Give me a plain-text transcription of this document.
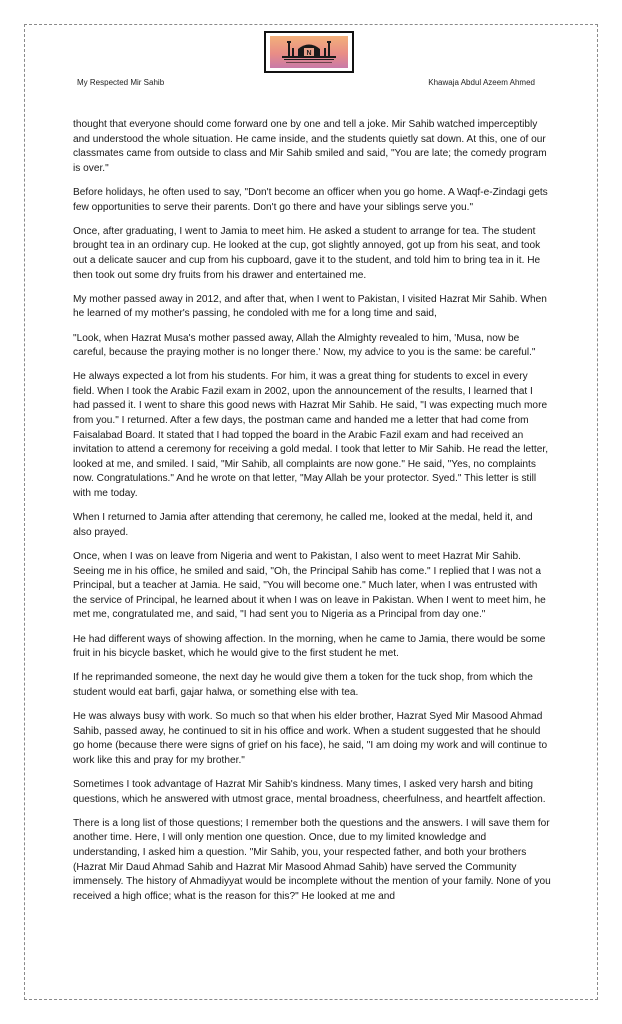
N
My Respected Mir Sahib	Khawaja Abdul Azeem Ahmed

thought that everyone should come forward one by one and tell a joke. Mir Sahib watched imperceptibly and understood the whole situation. He came inside, and the students quietly sat down. At this, one of our classmates came from outside to class and Mir Sahib smiled and said, "You are late; the comedy program is over."

Before holidays, he often used to say, "Don't become an officer when you go home. A Waqf-e-Zindagi gets few opportunities to serve their parents. Don't go there and have your siblings serve you."

Once, after graduating, I went to Jamia to meet him. He asked a student to arrange for tea. The student brought tea in an ordinary cup. He looked at the cup, got slightly annoyed, got up from his seat, and took out a delicate saucer and cup from his cupboard, gave it to the student, and told him to bring tea in it. He then took out some dry fruits from his drawer and entertained me.

My mother passed away in 2012, and after that, when I went to Pakistan, I visited Hazrat Mir Sahib. When he learned of my mother's passing, he condoled with me for a long time and said,

"Look, when Hazrat Musa's mother passed away, Allah the Almighty revealed to him, 'Musa, now be careful, because the praying mother is no longer there.' Now, my advice to you is the same: be careful."

He always expected a lot from his students. For him, it was a great thing for students to excel in every field. When I took the Arabic Fazil exam in 2002, upon the announcement of the results, I learned that I had passed it. I went to share this good news with Hazrat Mir Sahib. He said, "I was expecting much more from you." I returned. After a few days, the postman came and handed me a letter that had come from Faisalabad Board. It stated that I had topped the board in the Arabic Fazil exam and had received an invitation to attend a ceremony for receiving a gold medal. I took that letter to Mir Sahib. He read the letter, looked at me, and smiled. I said, "Mir Sahib, all complaints are now gone." He said, "Yes, no complaints now. Congratulations." And he wrote on that letter, "May Allah be your protector. Syed." This letter is still with me today.

When I returned to Jamia after attending that ceremony, he called me, looked at the medal, held it, and also prayed.

Once, when I was on leave from Nigeria and went to Pakistan, I also went to meet Hazrat Mir Sahib. Seeing me in his office, he smiled and said, "Oh, the Principal Sahib has come." I replied that I was not a Principal, but a teacher at Jamia. He said, "You will become one." Much later, when I was entrusted with the service of Principal, he learned about it when I was on leave in Pakistan. When I went to meet him, he met me, congratulated me, and said, "I had sent you to Nigeria as a Principal from day one."

He had different ways of showing affection. In the morning, when he came to Jamia, there would be some fruit in his bicycle basket, which he would give to the first student he met.

If he reprimanded someone, the next day he would give them a token for the tuck shop, from which the student would eat barfi, gajar halwa, or something else with tea.

He was always busy with work. So much so that when his elder brother, Hazrat Syed Mir Masood Ahmad Sahib, passed away, he continued to sit in his office and work. When a student suggested that he should go home (because there were signs of grief on his face), he said, "I am doing my work and will continue to work like this and pray for my brother."

Sometimes I took advantage of Hazrat Mir Sahib's kindness. Many times, I asked very harsh and biting questions, which he answered with utmost grace, mental broadness, cheerfulness, and heartfelt affection.

There is a long list of those questions; I remember both the questions and the answers. I will save them for another time. Here, I will only mention one question. Once, due to my limited knowledge and understanding, I asked him a question. "Mir Sahib, you, your respected father, and both your brothers (Hazrat Mir Daud Ahmad Sahib and Hazrat Mir Masood Ahmad Sahib) have served the Community immensely. The history of Ahmadiyyat would be incomplete without the mention of your family. None of you received a high office; what is the reason for this?" He looked at me and
